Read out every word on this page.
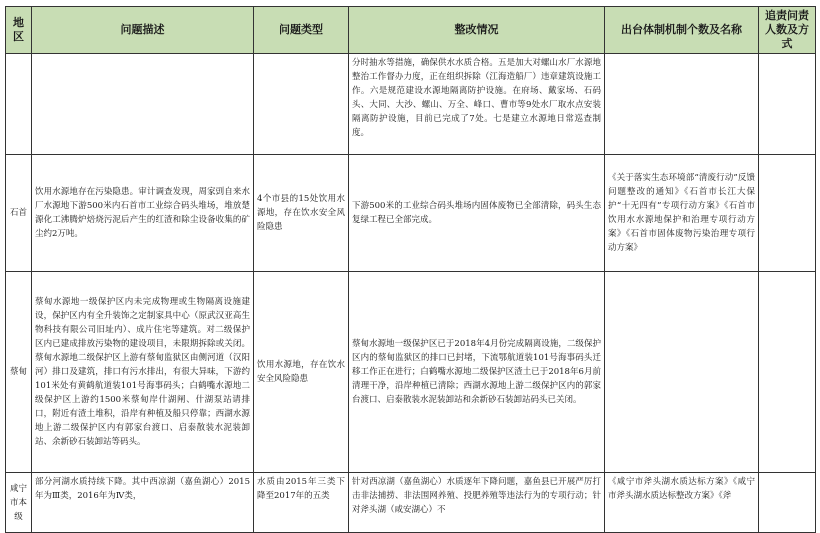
地区	问题描述	问题类型	整改情况	出台体制机制个数及名称	追责问责人数及方式
			分时抽水等措施，确保供水水质合格。五是加大对螺山水厂水源地整治工作督办力度，正在组织拆除（江海造船厂）违章建筑设施工作。六是规范建设水源地隔离防护设施。在府场、戴家场、石码头、大同、大沙、螺山、万全、峰口、曹市等9处水厂取水点安装隔离防护设施，目前已完成了7处。七是建立水源地日常巡查制度。		
石首	饮用水源地存在污染隐患。审计调查发现，周家剅自来水厂水源地下游500米内石首市工业综合码头堆场，堆放楚源化工沸腾炉焙烧污泥后产生的红渣和除尘设备收集的矿尘约2万吨。	4个市县的15处饮用水源地，存在饮水安全风险隐患	下游500米的工业综合码头堆场内固体废物已全部清除，码头生态复绿工程已全部完成。	《关于落实生态环境部“清废行动”反馈问题整改的通知》《石首市长江大保护“十无四有”专项行动方案》《石首市饮用水水源地保护和治理专项行动方案》《石首市固体废物污染治理专项行动方案》	
蔡甸	蔡甸水源地一级保护区内未完成物理或生物隔离设施建设，保护区内有全升装饰之定制家具中心（原武汉亚高生物科技有限公司旧址内）、成片住宅等建筑。对二级保护区内已建成排放污染物的建设项目，未限期拆除或关闭。蔡甸水源地二级保护区上游有蔡甸监狱区由侧河道（汉阳河）排口及建筑，排口有污水排出，有很大异味，下游约101米处有黄鹤航道装101号海事码头；白鹤嘴水源地二级保护区上游约1500米蔡甸岸什湖闸、什湖泵站请排口，附近有渣土堆积，沿岸有种植及船只停靠；西湖水源地上游二级保护区内有郭家台渡口、启泰散装水泥装卸站、余新砂石装卸站等码头。	饮用水源地，存在饮水安全风险隐患	蔡甸水源地一级保护区已于2018年4月份完成隔离设施，二级保护区内的蔡甸监狱区的排口已封堵，下流鄂航道装101号海事码头迁移工作正在进行；白鹤嘴水源地二级保护区渣土已于2018年6月前清理干净，沿岸种植已清除；西湖水源地上游二级保护区内的郭家台渡口、启泰散装水泥装卸站和余新砂石装卸站码头已关闭。		
咸宁市本级	部分河湖水质持续下降。其中西凉湖（嘉鱼湖心）2015年为Ⅲ类，2016年为Ⅳ类，	水质由2015年三类下降至2017年的五类	针对西凉湖（嘉鱼湖心）水质逐年下降问题，嘉鱼县已开展严厉打击非法捕捞、非法围网养殖、投肥养殖等违法行为的专项行动；针对斧头湖（咸安湖心）不	《咸宁市斧头湖水质达标方案》《咸宁市斧头湖水质达标整改方案》《斧	
